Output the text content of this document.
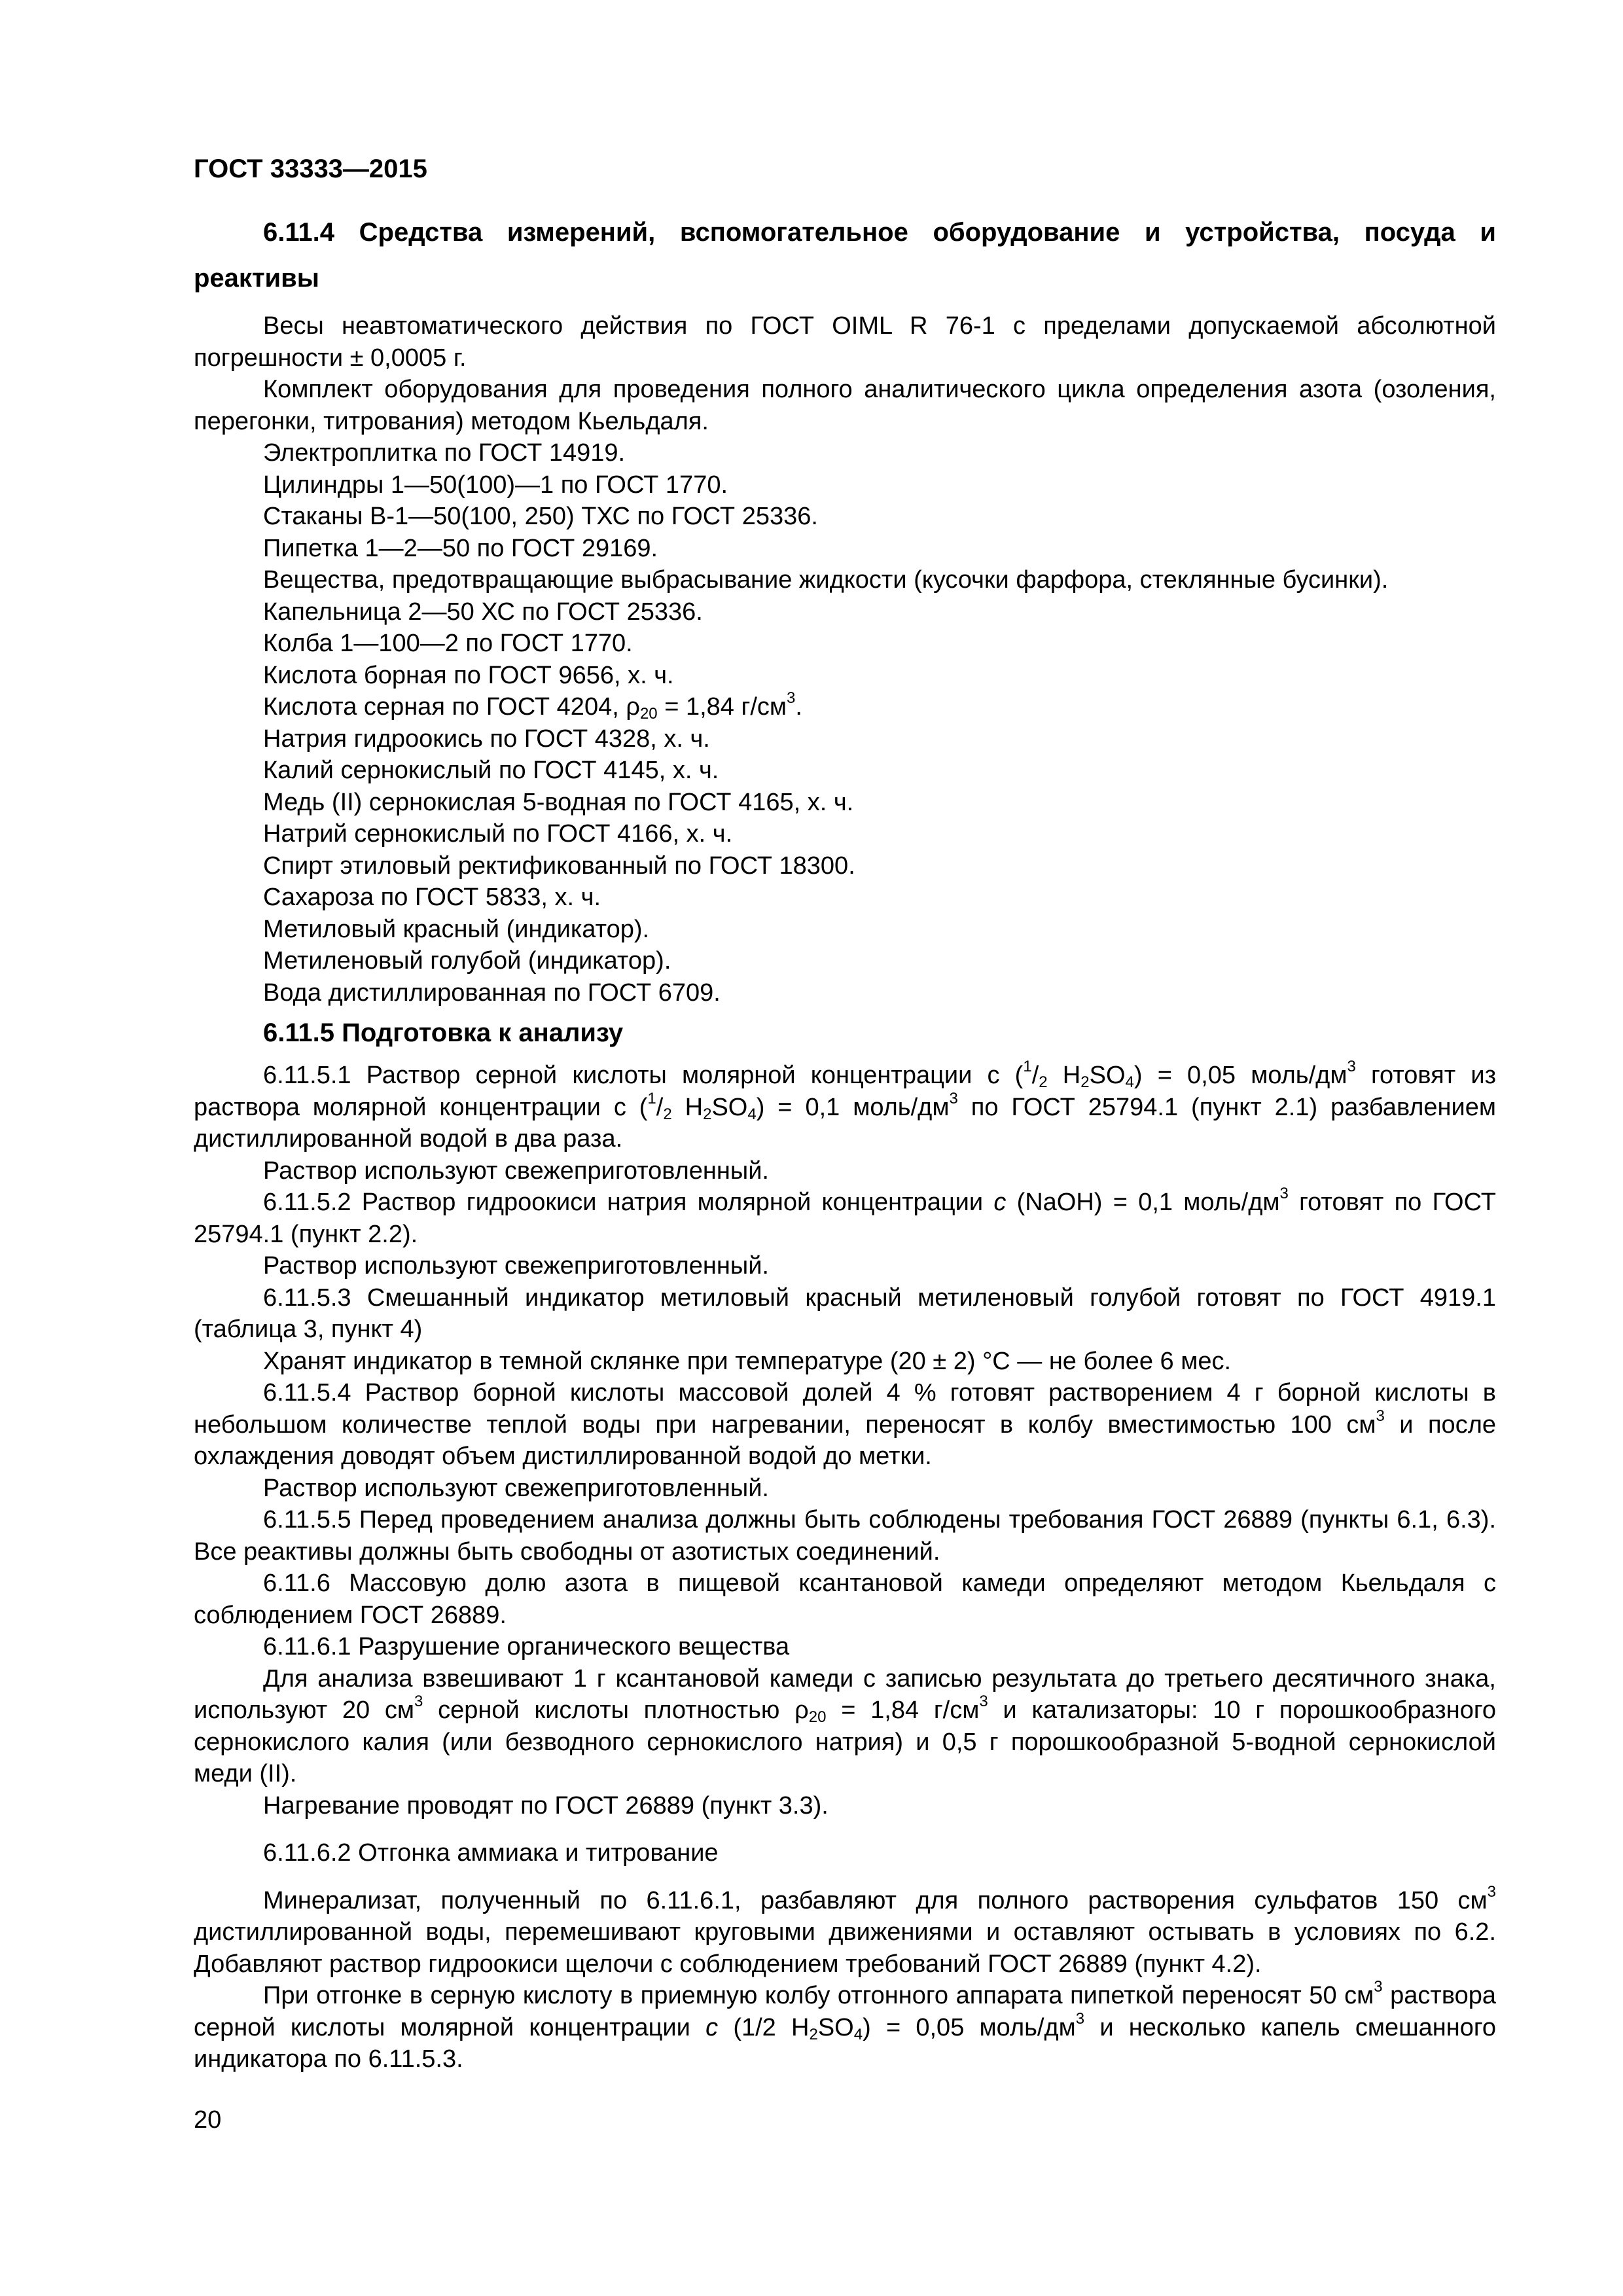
ГОСТ 33333—2015
6.11.4 Средства измерений, вспомогательное оборудование и устройства, посуда и
реактивы

Весы неавтоматического действия по ГОСТ OIML R 76-1 с пределами допускаемой абсолютной погрешности ± 0,0005 г.

Комплект оборудования для проведения полного аналитического цикла определения азота (озоления, перегонки, титрования) методом Кьельдаля.

Электроплитка по ГОСТ 14919.

Цилиндры 1—50(100)—1 по ГОСТ 1770.

Стаканы В-1—50(100, 250) ТХС по ГОСТ 25336.

Пипетка 1—2—50 по ГОСТ 29169.

Вещества, предотвращающие выбрасывание жидкости (кусочки фарфора, стеклянные бусинки).

Капельница 2—50 ХС по ГОСТ 25336.

Колба 1—100—2 по ГОСТ 1770.

Кислота борная по ГОСТ 9656, х. ч.

Кислота серная по ГОСТ 4204, $\rho_{20} = 1,84$ $г/см^3$.

Натрия гидроокись по ГОСТ 4328, х. ч.

Калий сернокислый по ГОСТ 4145, х. ч.

Медь (II) сернокислая 5-водная по ГОСТ 4165, х. ч.

Натрий сернокислый по ГОСТ 4166, х. ч.

Спирт этиловый ректификованный по ГОСТ 18300.

Сахароза по ГОСТ 5833, х. ч.

Метиловый красный (индикатор).

Метиленовый голубой (индикатор).

Вода дистиллированная по ГОСТ 6709.

6.11.5 Подготовка к анализу

6.11.5.1 Раствор серной кислоты молярной концентрации с ($^1/_2$ $H_2SO_4) = 0,05$ моль/$дм^3$ готовят из раствора молярной концентрации с ($^1/_2$ $H_2SO_4) = 0,1$ моль/$дм^3$ по ГОСТ 25794.1 (пункт 2.1) разбавлением дистиллированной водой в два раза.

Раствор используют свежеприготовленный.

6.11.5.2 Раствор гидроокиси натрия молярной концентрации с (NaOH) = 0,1 моль/$дм^3$ готовят по ГОСТ 25794.1 (пункт 2.2).

Раствор используют свежеприготовленный.

6.11.5.3 Смешанный индикатор метиловый красный метиленовый голубой готовят по ГОСТ 4919.1 (таблица 3, пункт 4)

Хранят индикатор в темной склянке при температуре (20 ± 2) °С — не более 6 мес.

6.11.5.4 Раствор борной кислоты массовой долей 4 % готовят растворением 4 г борной кислоты в небольшом количестве теплой воды при нагревании, переносят в колбу вместимостью 100 $см^3$ и после охлаждения доводят объем дистиллированной водой до метки.

Раствор используют свежеприготовленный.

6.11.5.5 Перед проведением анализа должны быть соблюдены требования ГОСТ 26889 (пункты 6.1, 6.3). Все реактивы должны быть свободны от азотистых соединений.

6.11.6 Массовую долю азота в пищевой ксантановой камеди определяют методом Кьельдаля с соблюдением ГОСТ 26889.

6.11.6.1 Разрушение органического вещества

Для анализа взвешивают 1 г ксантановой камеди с записью результата до третьего десятичного знака, используют 20 $см^3$ серной кислоты плотностью $\rho_{20} = 1,84$ $г/см^3$ и катализаторы: 10 г порошкообразного сернокислого калия (или безводного сернокислого натрия) и 0,5 г порошкообразной 5-водной сернокислой меди (II).

Нагревание проводят по ГОСТ 26889 (пункт 3.3).

6.11.6.2 Отгонка аммиака и титрование

Минерализат, полученный по 6.11.6.1, разбавляют для полного растворения сульфатов 150 $см^3$ дистиллированной воды, перемешивают круговыми движениями и оставляют остывать в условиях по 6.2. Добавляют раствор гидроокиси щелочи с соблюдением требований ГОСТ 26889 (пункт 4.2).

При отгонке в серную кислоту в приемную колбу отгонного аппарата пипеткой переносят 50 $см^3$ раствора серной кислоты молярной концентрации с (1/2 $H_2SO_4) = 0,05$ моль/$дм^3$ и несколько капель смешанного индикатора по 6.11.5.3.

20
